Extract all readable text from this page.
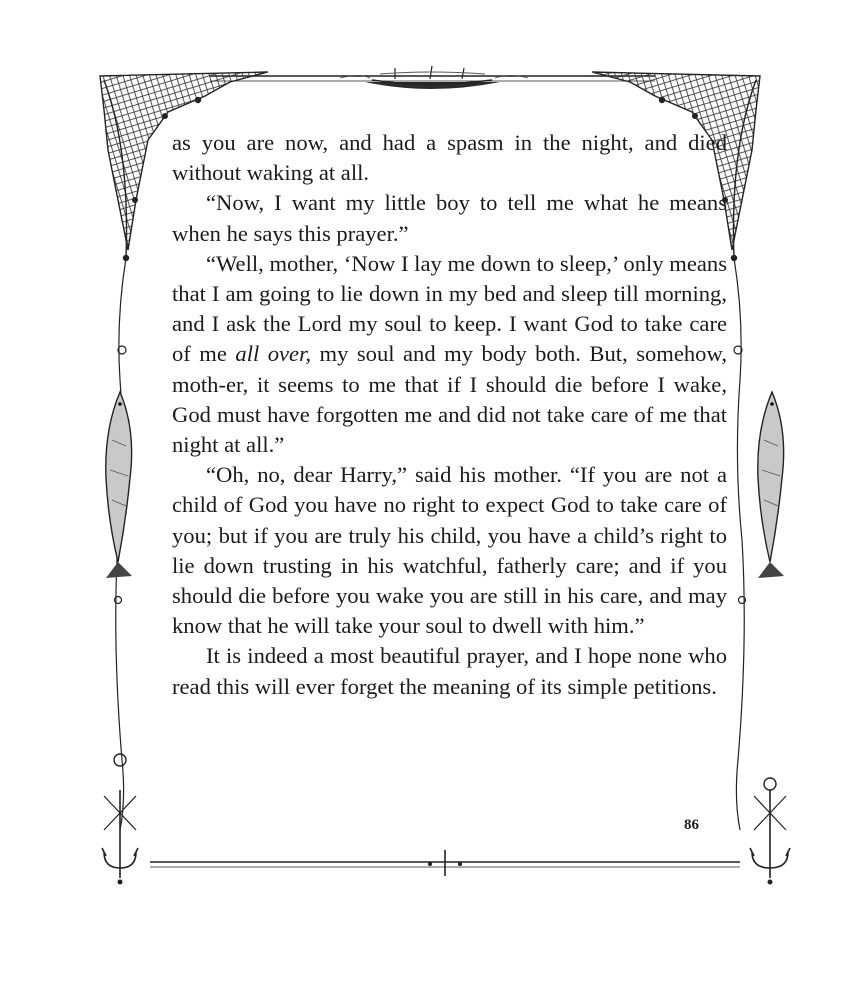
as you are now, and had a spasm in the night, and died without waking at all.

“Now, I want my little boy to tell me what he means when he says this prayer.”

“Well, mother, ‘Now I lay me down to sleep,’ only means that I am going to lie down in my bed and sleep till morning, and I ask the Lord my soul to keep. I want God to take care of me all over, my soul and my body both. But, somehow, moth-er, it seems to me that if I should die before I wake, God must have forgotten me and did not take care of me that night at all.”

“Oh, no, dear Harry,” said his mother. “If you are not a child of God you have no right to expect God to take care of you; but if you are truly his child, you have a child’s right to lie down trusting in his watchful, fatherly care; and if you should die before you wake you are still in his care, and may know that he will take your soul to dwell with him.”

It is indeed a most beautiful prayer, and I hope none who read this will ever forget the meaning of its simple petitions.

86
